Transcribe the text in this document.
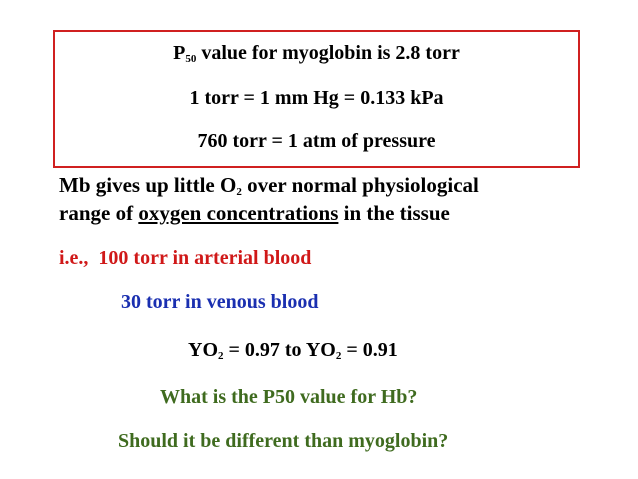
$P_{50}$ value for myoglobin is 2.8 torr
1 torr = 1 mm Hg = 0.133 kPa
760 torr = 1 atm of pressure
Mb gives up little $O_2$ over normal physiological
range of oxygen concentrations in the tissue
i.e.,  100 torr in arterial blood
30 torr in venous blood
$YO_2 = 0.97$ to $YO_2 = 0.91$
What is the P50 value for Hb?
Should it be different than myoglobin?
